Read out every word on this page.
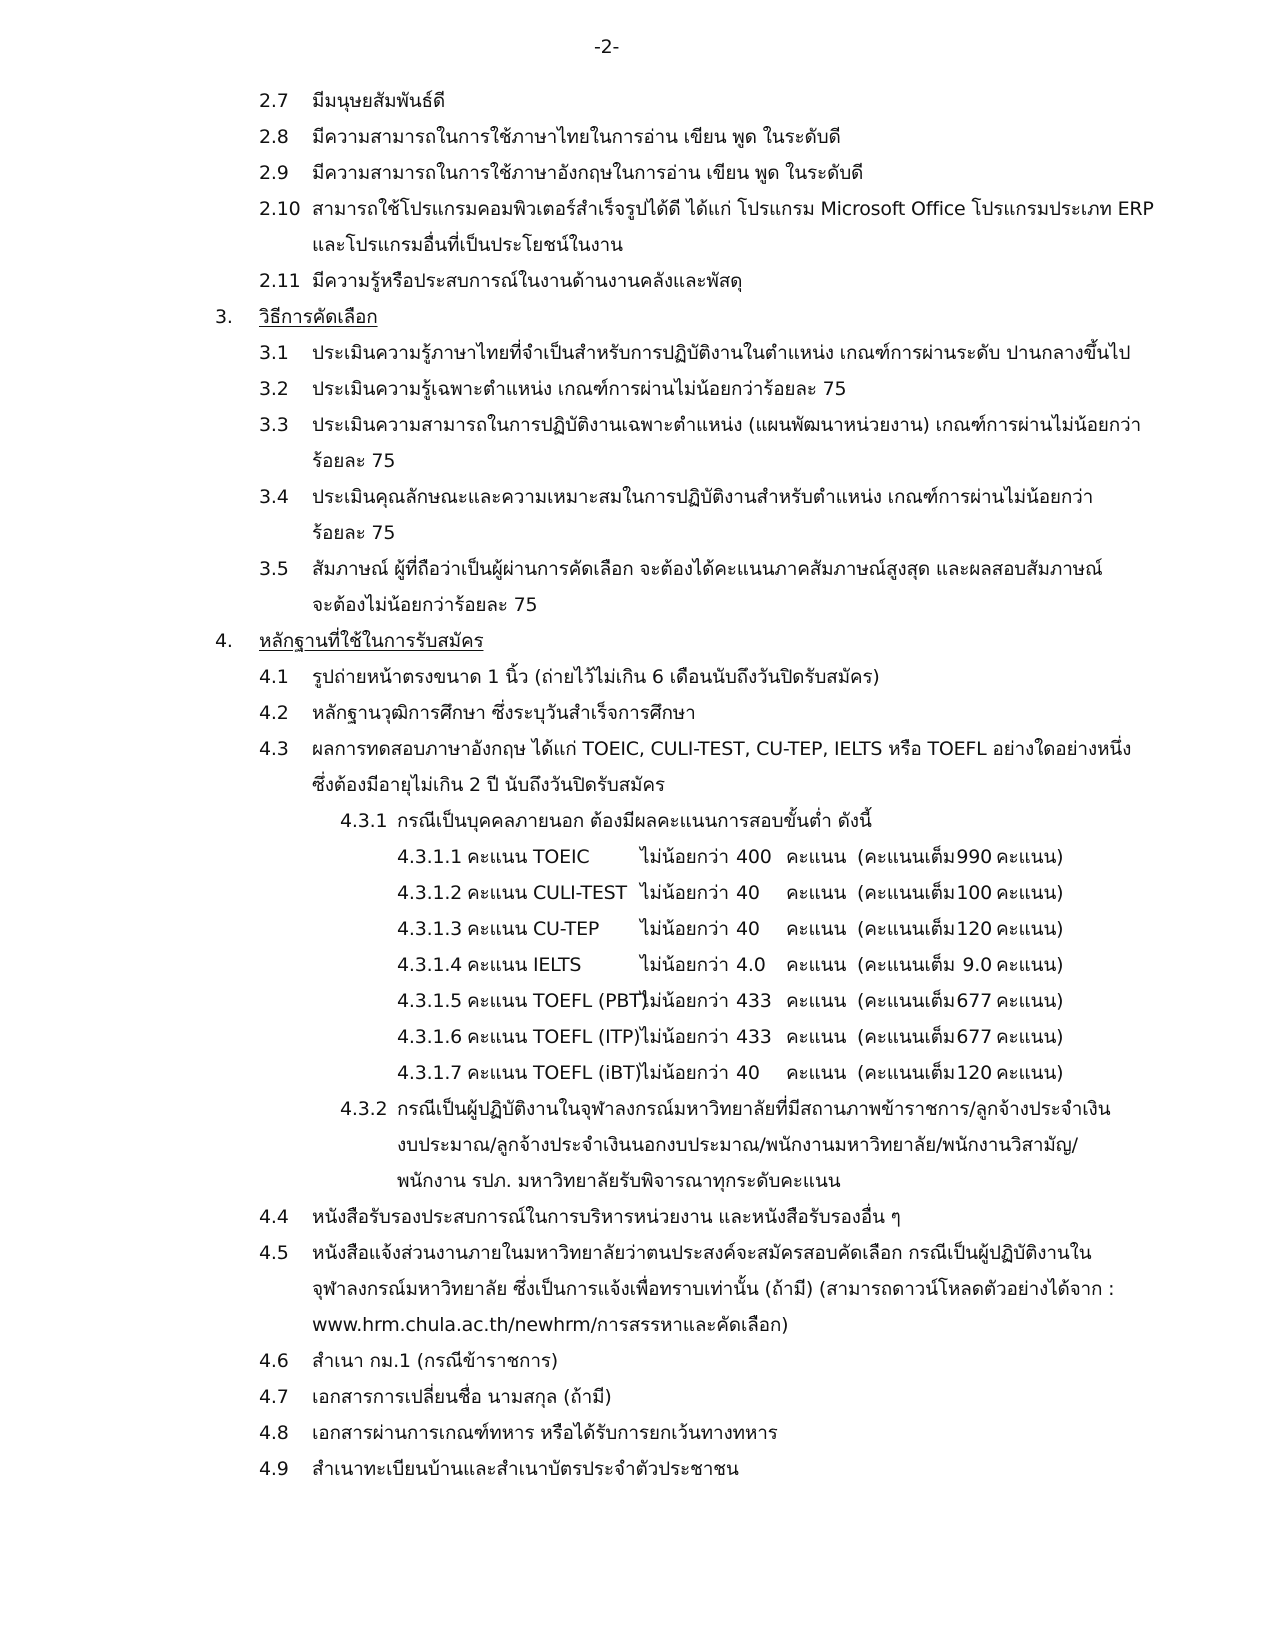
-2-
2.7 มีมนุษยสัมพันธ์ดี
2.8 มีความสามารถในการใช้ภาษาไทยในการอ่าน เขียน พูด ในระดับดี
2.9 มีความสามารถในการใช้ภาษาอังกฤษในการอ่าน เขียน พูด ในระดับดี
2.10 สามารถใช้โปรแกรมคอมพิวเตอร์สำเร็จรูปได้ดี ได้แก่ โปรแกรม Microsoft Office โปรแกรมประเภท ERP
และโปรแกรมอื่นที่เป็นประโยชน์ในงาน
2.11 มีความรู้หรือประสบการณ์ในงานด้านงานคลังและพัสดุ
3. วิธีการคัดเลือก
3.1 ประเมินความรู้ภาษาไทยที่จำเป็นสำหรับการปฏิบัติงานในตำแหน่ง เกณฑ์การผ่านระดับ ปานกลางขึ้นไป
3.2 ประเมินความรู้เฉพาะตำแหน่ง เกณฑ์การผ่านไม่น้อยกว่าร้อยละ 75
3.3 ประเมินความสามารถในการปฏิบัติงานเฉพาะตำแหน่ง (แผนพัฒนาหน่วยงาน) เกณฑ์การผ่านไม่น้อยกว่า
ร้อยละ 75
3.4 ประเมินคุณลักษณะและความเหมาะสมในการปฏิบัติงานสำหรับตำแหน่ง เกณฑ์การผ่านไม่น้อยกว่า
ร้อยละ 75
3.5 สัมภาษณ์ ผู้ที่ถือว่าเป็นผู้ผ่านการคัดเลือก จะต้องได้คะแนนภาคสัมภาษณ์สูงสุด และผลสอบสัมภาษณ์
จะต้องไม่น้อยกว่าร้อยละ 75
4. หลักฐานที่ใช้ในการรับสมัคร
4.1 รูปถ่ายหน้าตรงขนาด 1 นิ้ว (ถ่ายไว้ไม่เกิน 6 เดือนนับถึงวันปิดรับสมัคร)
4.2 หลักฐานวุฒิการศึกษา ซึ่งระบุวันสำเร็จการศึกษา
4.3 ผลการทดสอบภาษาอังกฤษ ได้แก่ TOEIC, CULI-TEST, CU-TEP, IELTS หรือ TOEFL อย่างใดอย่างหนึ่ง
ซึ่งต้องมีอายุไม่เกิน 2 ปี นับถึงวันปิดรับสมัคร
4.3.1 กรณีเป็นบุคคลภายนอก ต้องมีผลคะแนนการสอบขั้นต่ำ ดังนี้
4.3.1.1 คะแนน TOEIC	ไม่น้อยกว่า 400 คะแนน (คะแนนเต็ม 990 คะแนน)
4.3.1.2 คะแนน CULI-TEST ไม่น้อยกว่า 40 คะแนน (คะแนนเต็ม 100 คะแนน)
4.3.1.3 คะแนน CU-TEP ไม่น้อยกว่า 40 คะแนน (คะแนนเต็ม 120 คะแนน)
4.3.1.4 คะแนน IELTS	ไม่น้อยกว่า 4.0 คะแนน (คะแนนเต็ม 9.0 คะแนน)
4.3.1.5 คะแนน TOEFL (PBT)
ไม่น้อยกว่า 433 คะแนน (คะแนนเต็ม 677 คะแนน)
4.3.1.6 คะแนน TOEFL (ITP) ไม่น้อยกว่า 433 คะแนน (คะแนนเต็ม 677 คะแนน)
4.3.1.7 คะแนน TOEFL (iBT)
ไม่น้อยกว่า 40 คะแนน (คะแนนเต็ม 120 คะแนน)
4.3.2 กรณีเป็นผู้ปฏิบัติงานในจุฬาลงกรณ์มหาวิทยาลัยที่มีสถานภาพข้าราชการ/ลูกจ้างประจำเงิน
งบประมาณ/ลูกจ้างประจำเงินนอกงบประมาณ/พนักงานมหาวิทยาลัย/พนักงานวิสามัญ/
พนักงาน รปภ. มหาวิทยาลัยรับพิจารณาทุกระดับคะแนน
4.4 หนังสือรับรองประสบการณ์ในการบริหารหน่วยงาน และหนังสือรับรองอื่น ๆ
4.5 หนังสือแจ้งส่วนงานภายในมหาวิทยาลัยว่าตนประสงค์จะสมัครสอบคัดเลือก กรณีเป็นผู้ปฏิบัติงานใน
จุฬาลงกรณ์มหาวิทยาลัย ซึ่งเป็นการแจ้งเพื่อทราบเท่านั้น (ถ้ามี) (สามารถดาวน์โหลดตัวอย่างได้จาก :
www.hrm.chula.ac.th/newhrm/การสรรหาและคัดเลือก)
4.6 สำเนา กม.1 (กรณีข้าราชการ)
4.7 เอกสารการเปลี่ยนชื่อ นามสกุล (ถ้ามี)
4.8 เอกสารผ่านการเกณฑ์ทหาร หรือได้รับการยกเว้นทางทหาร
4.9 สำเนาทะเบียนบ้านและสำเนาบัตรประจำตัวประชาชน
